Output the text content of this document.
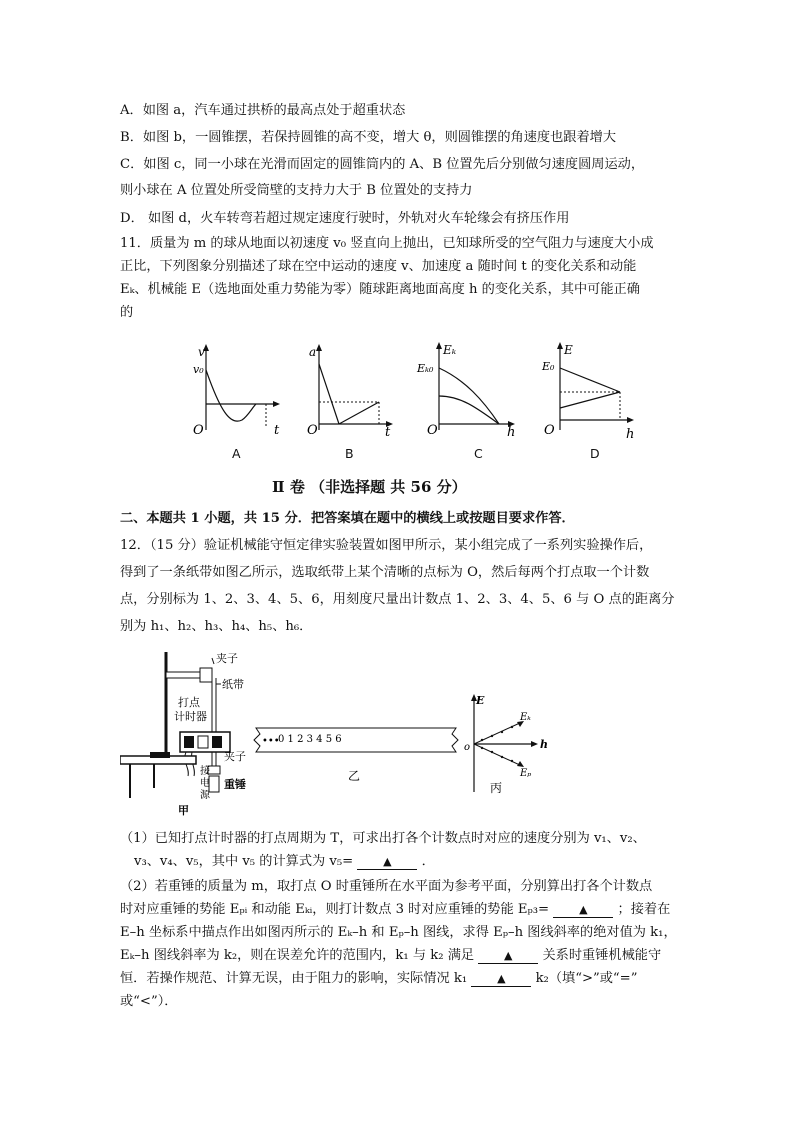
A．如图 a，汽车通过拱桥的最高点处于超重状态
B．如图 b，一圆锥摆，若保持圆锥的高不变，增大 θ，则圆锥摆的角速度也跟着增大
C．如图 c，同一小球在光滑而固定的圆锥筒内的 A、B 位置先后分别做匀速度圆周运动，
则小球在 A 位置处所受筒壁的支持力大于 B 位置处的支持力
D． 如图 d，火车转弯若超过规定速度行驶时，外轨对火车轮缘会有挤压作用
11．质量为 m 的球从地面以初速度 v₀ 竖直向上抛出，已知球所受的空气阻力与速度大小成
正比，下列图象分别描述了球在空中运动的速度 v、加速度 a 随时间 t 的变化关系和动能
Eₖ、机械能 E（选地面处重力势能为零）随球距离地面高度 h 的变化关系，其中可能正确
的
v
v₀
O	t
A
a
O	t
B
Eₖ
Eₖ₀
O	h
C
E
E₀
O	h
D
Ⅱ 卷 （非选择题 共 56 分）
二、本题共 1 小题，共 15 分．把答案填在题中的横线上或按题目要求作答．
12．（15 分）验证机械能守恒定律实验装置如图甲所示，某小组完成了一系列实验操作后，
得到了一条纸带如图乙所示，选取纸带上某个清晰的点标为 O，然后每两个打点取一个计数
点，分别标为 1、2、3、4、5、6，用刻度尺量出计数点 1、2、3、4、5、6 与 O 点的距离分
别为 h₁、h₂、h₃、h₄、h₅、h₆．
夹子
纸带
打点
计时器
夹子
重锤
接
电
源
甲
•••
0 1 2 3 4 5 6
乙
E
Eₖ
Eₚ
h
o
丙
（1）已知打点计时器的打点周期为 T，可求出打各个计数点时对应的速度分别为 v₁、v₂、
v₃、v₄、v₅，其中 v₅ 的计算式为 v₅=	▲ ．
（2）若重锤的质量为 m，取打点 O 时重锤所在水平面为参考平面，分别算出打各个计数点
时对应重锤的势能 Eₚᵢ 和动能 Eₖᵢ，则打计数点 3 时对应重锤的势能 Eₚ₃=	▲ ；接着在
E–h 坐标系中描点作出如图丙所示的 Eₖ–h 和 Eₚ–h 图线，求得 Eₚ–h 图线斜率的绝对值为 k₁，
Eₖ–h 图线斜率为 k₂，则在误差允许的范围内，k₁ 与 k₂ 满足	▲ 关系时重锤机械能守
恒．若操作规范、计算无误，由于阻力的影响，实际情况 k₁	▲ k₂（填“>”或“=”
或“<”）．
